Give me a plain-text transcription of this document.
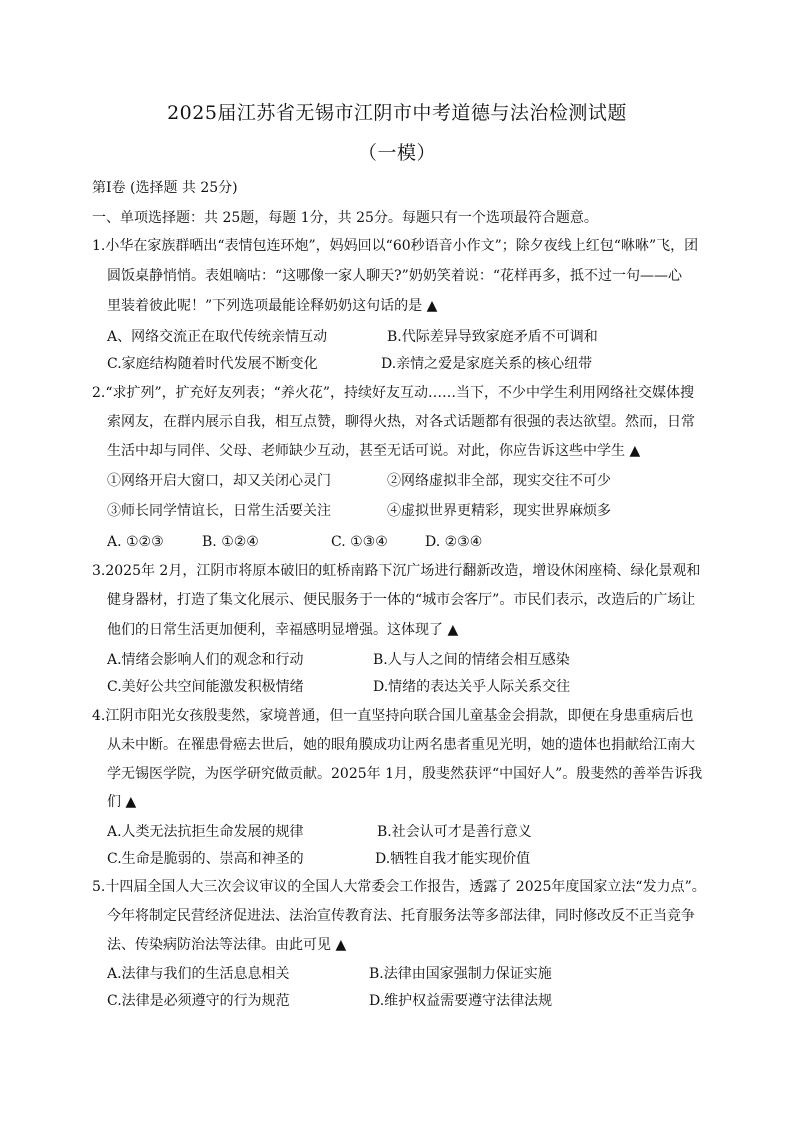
2025届江苏省无锡市江阴市中考道德与法治检测试题
（一模）
第Ⅰ卷 (选择题 共 25分)
一、单项选择题：共 25题，每题 1分，共 25分。每题只有一个选项最符合题意。
1.小华在家族群晒出“表情包连环炮”，妈妈回以“60秒语音小作文”；除夕夜线上红包“咻咻”飞，团
圆饭桌静悄悄。表姐嘀咕：“这哪像一家人聊天?”奶奶笑着说：“花样再多，抵不过一句——心
里装着彼此呢！”下列选项最能诠释奶奶这句话的是 ▲
A、网络交流正在取代传统亲情互动	B.代际差异导致家庭矛盾不可调和
C.家庭结构随着时代发展不断变化	D.亲情之爱是家庭关系的核心纽带
2.“求扩列”，扩充好友列表；“养火花”，持续好友互动……当下，不少中学生利用网络社交媒体搜
索网友，在群内展示自我，相互点赞，聊得火热，对各式话题都有很强的表达欲望。然而，日常
生活中却与同伴、父母、老师缺少互动，甚至无话可说。对此，你应告诉这些中学生 ▲
①网络开启大窗口，却又关闭心灵门	②网络虚拟非全部，现实交往不可少
③师长同学情谊长，日常生活要关注	④虚拟世界更精彩，现实世界麻烦多
A. ①②③	B. ①②④	C. ①③④	D. ②③④
3.2025年 2月，江阴市将原本破旧的虹桥南路下沉广场进行翻新改造，增设休闲座椅、绿化景观和
健身器材，打造了集文化展示、便民服务于一体的“城市会客厅”。市民们表示，改造后的广场让
他们的日常生活更加便利，幸福感明显增强。这体现了 ▲
A.情绪会影响人们的观念和行动	B.人与人之间的情绪会相互感染
C.美好公共空间能激发积极情绪	D.情绪的表达关乎人际关系交往
4.江阴市阳光女孩殷斐然，家境普通，但一直坚持向联合国儿童基金会捐款，即便在身患重病后也
从未中断。在罹患骨癌去世后，她的眼角膜成功让两名患者重见光明，她的遗体也捐献给江南大
学无锡医学院，为医学研究做贡献。2025年 1月，殷斐然获评“中国好人”。殷斐然的善举告诉我
们 ▲
A.人类无法抗拒生命发展的规律	B.社会认可才是善行意义
C.生命是脆弱的、崇高和神圣的	D.牺牲自我才能实现价值
5.十四届全国人大三次会议审议的全国人大常委会工作报告，透露了 2025年度国家立法“发力点”。
今年将制定民营经济促进法、法治宣传教育法、托育服务法等多部法律，同时修改反不正当竞争
法、传染病防治法等法律。由此可见 ▲
A.法律与我们的生活息息相关	B.法律由国家强制力保证实施
C.法律是必须遵守的行为规范	D.维护权益需要遵守法律法规
